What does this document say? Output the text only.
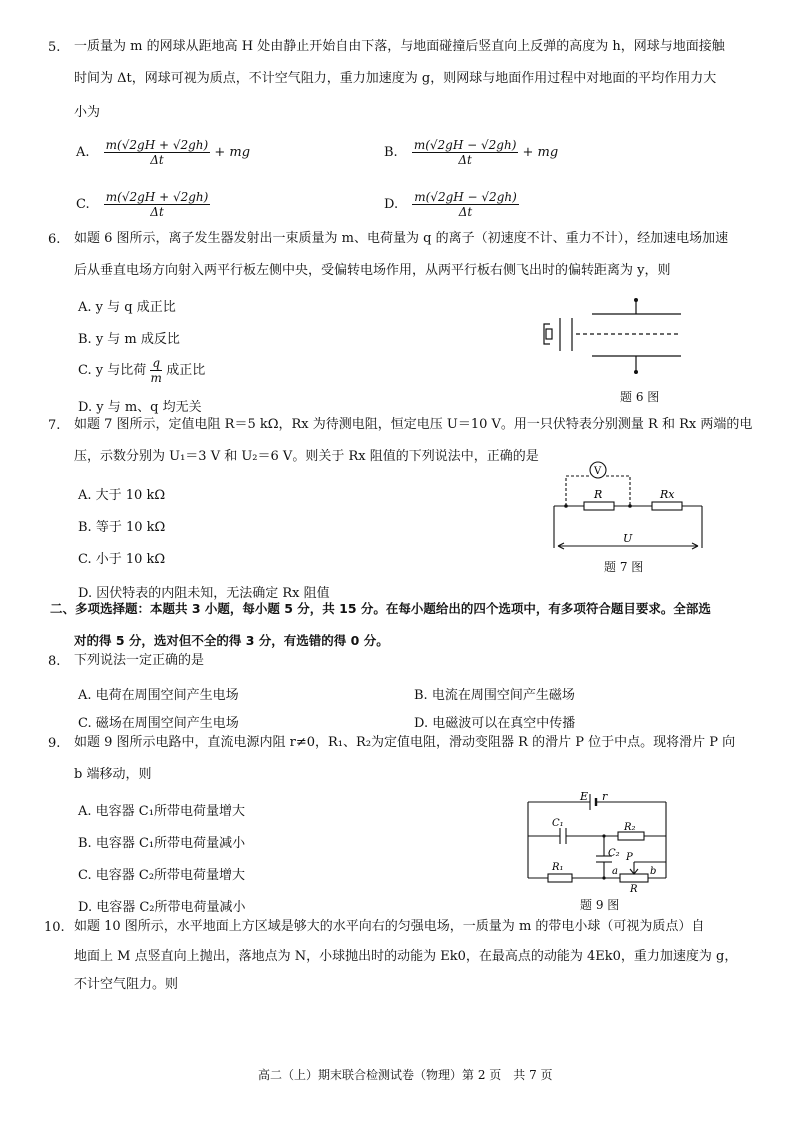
5. 一质量为 m 的网球从距地高 H 处由静止开始自由下落，与地面碰撞后竖直向上反弹的高度为 h，网球与地面接触
时间为 Δt，网球可视为质点，不计空气阻力，重力加速度为 g，则网球与地面作用过程中对地面的平均作用力大
小为
A. $\frac{m(√2gH + √2gh)}{\Delta t}$ + mg	B. $\frac{m(√2gH - √2gh)}{\Delta t}$ + mg
C. $\frac{m(√2gH + √2gh)}{\Delta t}$	D. $\frac{m(√2gH - √2gh)}{\Delta t}$
6. 如题 6 图所示，离子发生器发射出一束质量为 m、电荷量为 q 的离子（初速度不计、重力不计），经加速电场加速
后从垂直电场方向射入两平行板左侧中央，受偏转电场作用，从两平行板右侧飞出时的偏转距离为 y，则
A. y 与 q 成正比
B. y 与 m 成反比
C. y 与比荷 $\frac{q}{m}$ 成正比
D. y 与 m、q 均无关
题 6 图
7. 如题 7 图所示，定值电阻 R＝5 kΩ，Rx 为待测电阻，恒定电压 U＝10 V。用一只伏特表分别测量 R 和 Rx 两端的电
压，示数分别为 U₁＝3 V 和 U₂＝6 V。则关于 Rx 阻值的下列说法中，正确的是
A. 大于 10 kΩ
B. 等于 10 kΩ
C. 小于 10 kΩ
D. 因伏特表的内阻未知，无法确定 Rx 阻值
V
R	Rx
U
题 7 图
二、多项选择题：本题共 3 小题，每小题 5 分，共 15 分。在每小题给出的四个选项中，有多项符合题目要求。全部选
对的得 5 分，选对但不全的得 3 分，有选错的得 0 分。
8. 下列说法一定正确的是
A. 电荷在周围空间产生电场	B. 电流在周围空间产生磁场
C. 磁场在周围空间产生电场	D. 电磁波可以在真空中传播
9. 如题 9 图所示电路中，直流电源内阻 r≠0，R₁、R₂为定值电阻，滑动变阻器 R 的滑片 P 位于中点。现将滑片 P 向
b 端移动，则
A. 电容器 C₁所带电荷量增大
B. 电容器 C₁所带电荷量减小
C. 电容器 C₂所带电荷量增大
D. 电容器 C₂所带电荷量减小
E r
C₁	R₂
C₂ P
R₁	a	b
R
题 9 图
10. 如题 10 图所示，水平地面上方区域是够大的水平向右的匀强电场，一质量为 m 的带电小球（可视为质点）自
地面上 M 点竖直向上抛出，落地点为 N，小球抛出时的动能为 Ek0，在最高点的动能为 4Ek0，重力加速度为 g，
不计空气阻力。则
高二（上）期末联合检测试卷（物理）第 2 页　共 7 页
